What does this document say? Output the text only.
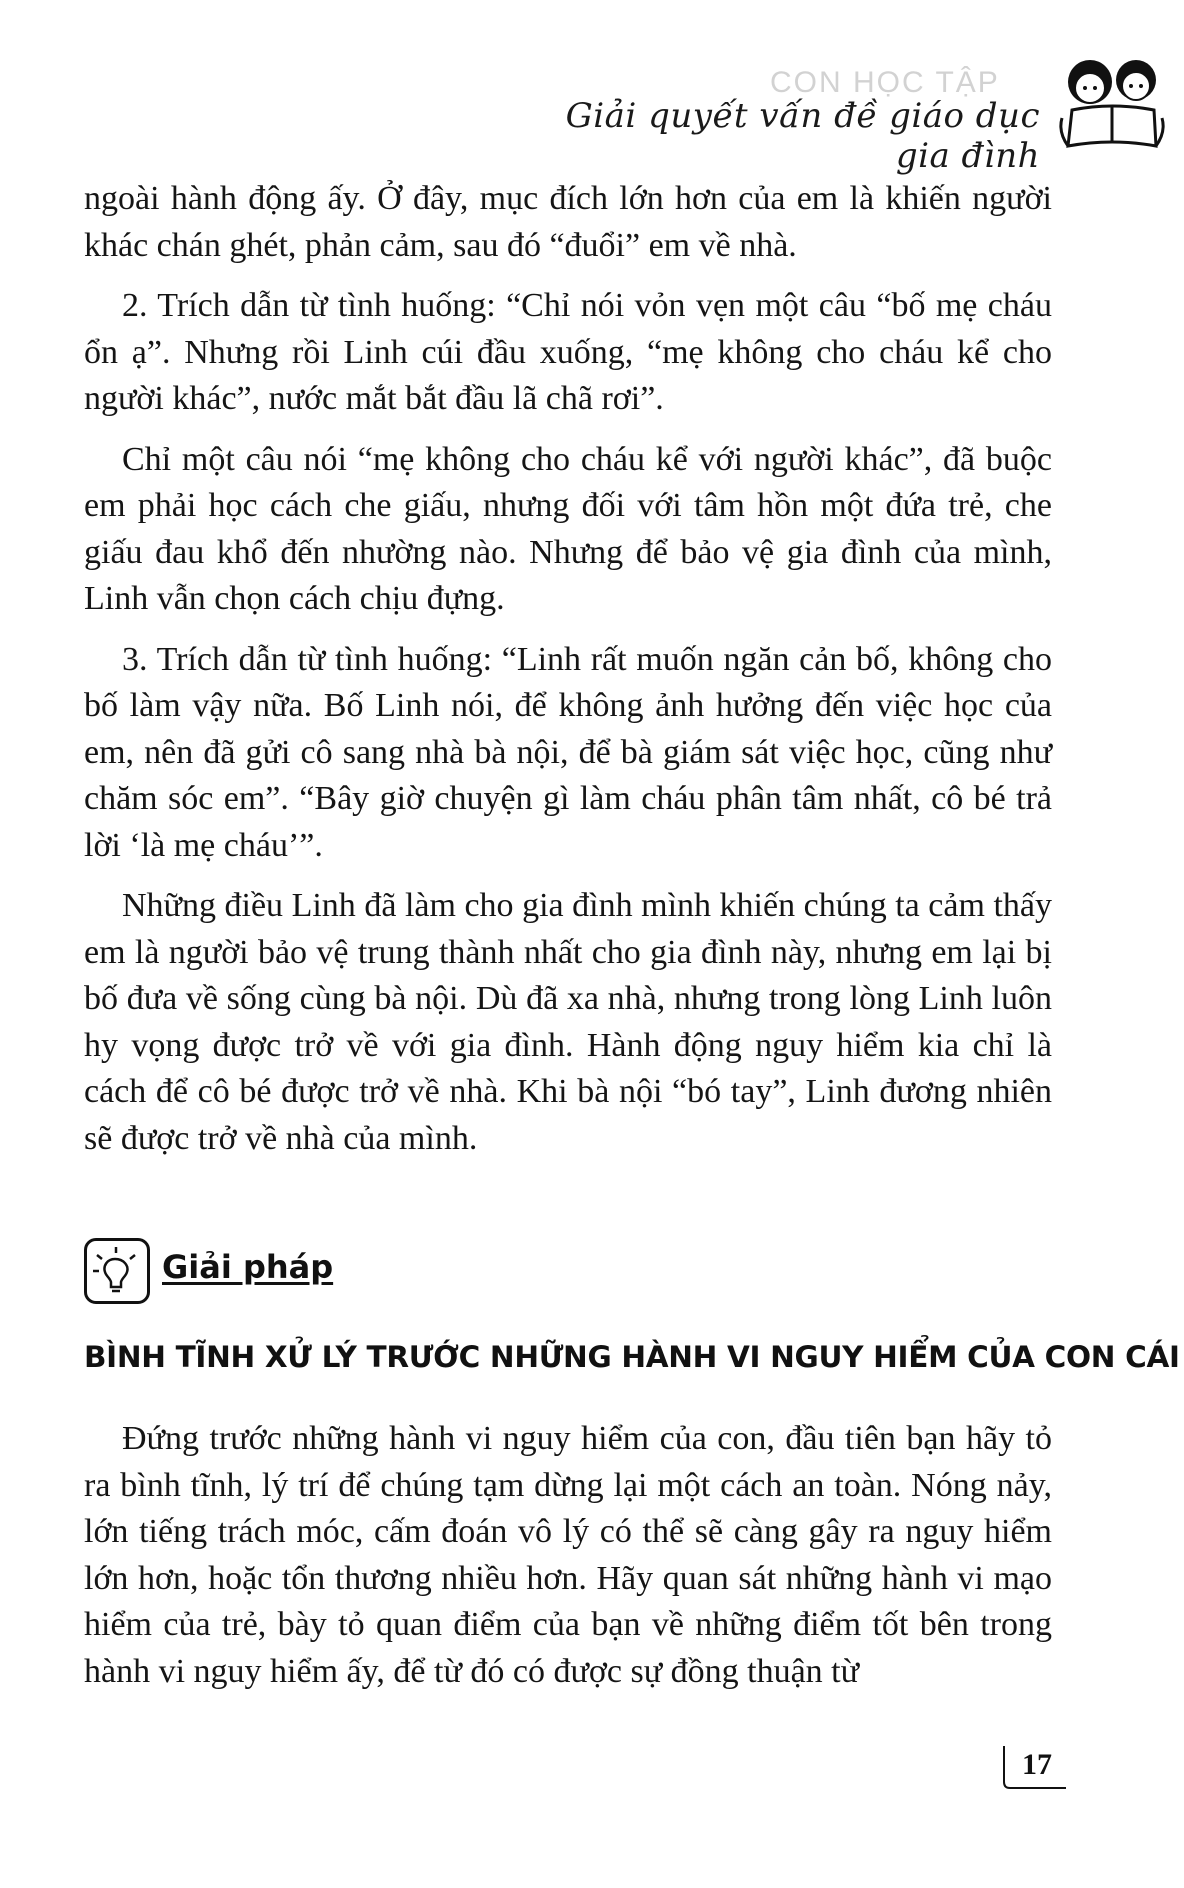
CON HỌC TẬP
Giải quyết vấn đề giáo dục gia đình

ngoài hành động ấy. Ở đây, mục đích lớn hơn của em là khiến người khác chán ghét, phản cảm, sau đó “đuổi” em về nhà.

2. Trích dẫn từ tình huống: “Chỉ nói vỏn vẹn một câu “bố mẹ cháu ổn ạ”. Nhưng rồi Linh cúi đầu xuống, “mẹ không cho cháu kể cho người khác”, nước mắt bắt đầu lã chã rơi”.

Chỉ một câu nói “mẹ không cho cháu kể với người khác”, đã buộc em phải học cách che giấu, nhưng đối với tâm hồn một đứa trẻ, che giấu đau khổ đến nhường nào. Nhưng để bảo vệ gia đình của mình, Linh vẫn chọn cách chịu đựng.

3. Trích dẫn từ tình huống: “Linh rất muốn ngăn cản bố, không cho bố làm vậy nữa. Bố Linh nói, để không ảnh hưởng đến việc học của em, nên đã gửi cô sang nhà bà nội, để bà giám sát việc học, cũng như chăm sóc em”. “Bây giờ chuyện gì làm cháu phân tâm nhất, cô bé trả lời ‘là mẹ cháu’”.

Những điều Linh đã làm cho gia đình mình khiến chúng ta cảm thấy em là người bảo vệ trung thành nhất cho gia đình này, nhưng em lại bị bố đưa về sống cùng bà nội. Dù đã xa nhà, nhưng trong lòng Linh luôn hy vọng được trở về với gia đình. Hành động nguy hiểm kia chỉ là cách để cô bé được trở về nhà. Khi bà nội “bó tay”, Linh đương nhiên sẽ được trở về nhà của mình.

Giải pháp
BÌNH TĨNH XỬ LÝ TRƯỚC NHỮNG HÀNH VI NGUY HIỂM CỦA CON CÁI

Đứng trước những hành vi nguy hiểm của con, đầu tiên bạn hãy tỏ ra bình tĩnh, lý trí để chúng tạm dừng lại một cách an toàn. Nóng nảy, lớn tiếng trách móc, cấm đoán vô lý có thể sẽ càng gây ra nguy hiểm lớn hơn, hoặc tổn thương nhiều hơn. Hãy quan sát những hành vi mạo hiểm của trẻ, bày tỏ quan điểm của bạn về những điểm tốt bên trong hành vi nguy hiểm ấy, để từ đó có được sự đồng thuận từ

17
